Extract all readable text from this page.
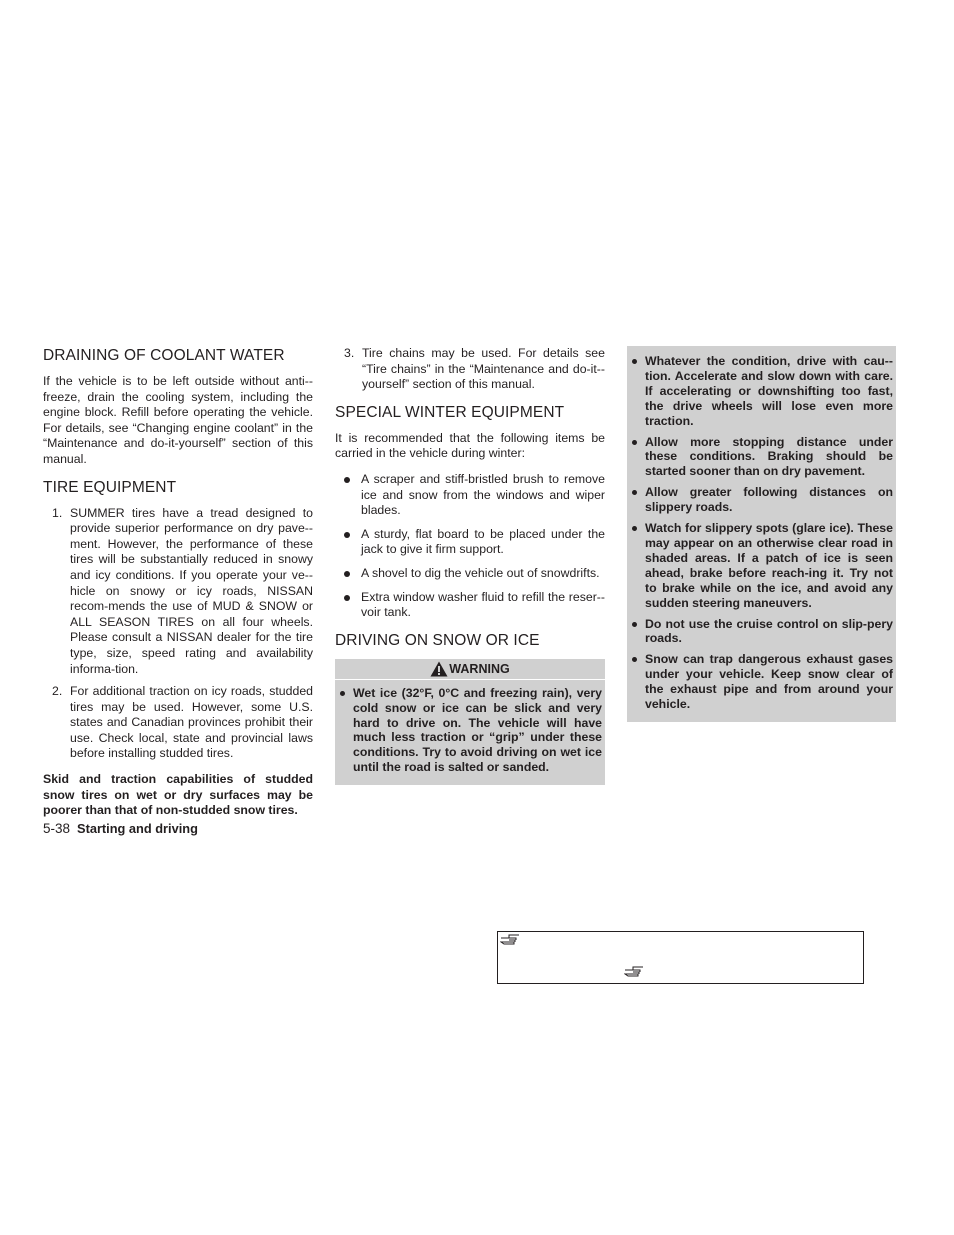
DRAINING OF COOLANT WATER

If the vehicle is to be left outside without anti-freeze, drain the cooling system, including the engine block. Refill before operating the vehicle. For details, see “Changing engine coolant” in the “Maintenance and do-it-yourself” section of this manual.

TIRE EQUIPMENT
1. SUMMER tires have a tread designed to provide superior performance on dry pave-ment. However, the performance of these tires will be substantially reduced in snowy and icy conditions. If you operate your ve-hicle on snowy or icy roads, NISSAN recom-mends the use of MUD & SNOW or ALL SEASON TIRES on all four wheels. Please consult a NISSAN dealer for the tire type, size, speed rating and availability informa-tion.
2. For additional traction on icy roads, studded tires may be used. However, some U.S. states and Canadian provinces prohibit their use. Check local, state and provincial laws before installing studded tires.

Skid and traction capabilities of studded snow tires on wet or dry surfaces may be poorer than that of non-studded snow tires.

3. Tire chains may be used. For details see “Tire chains” in the “Maintenance and do-it-yourself” section of this manual.
SPECIAL WINTER EQUIPMENT

It is recommended that the following items be carried in the vehicle during winter:

A scraper and stiff-bristled brush to remove ice and snow from the windows and wiper blades.
A sturdy, flat board to be placed under the jack to give it firm support.
A shovel to dig the vehicle out of snowdrifts.
Extra window washer fluid to refill the reser-voir tank.
DRIVING ON SNOW OR ICE
WARNING
Wet ice (32°F, 0°C and freezing rain), very cold snow or ice can be slick and very hard to drive on. The vehicle will have much less traction or “grip” under these conditions. Try to avoid driving on wet ice until the road is salted or sanded.
Whatever the condition, drive with cau-tion. Accelerate and slow down with care. If accelerating or downshifting too fast, the drive wheels will lose even more traction.
Allow more stopping distance under these conditions. Braking should be started sooner than on dry pavement.
Allow greater following distances on slippery roads.
Watch for slippery spots (glare ice). These may appear on an otherwise clear road in shaded areas. If a patch of ice is seen ahead, brake before reach-ing it. Try not to brake while on the ice, and avoid any sudden steering maneuvers.
Do not use the cruise control on slip-pery roads.
Snow can trap dangerous exhaust gases under your vehicle. Keep snow clear of the exhaust pipe and from around your vehicle.
5-38 Starting and driving
